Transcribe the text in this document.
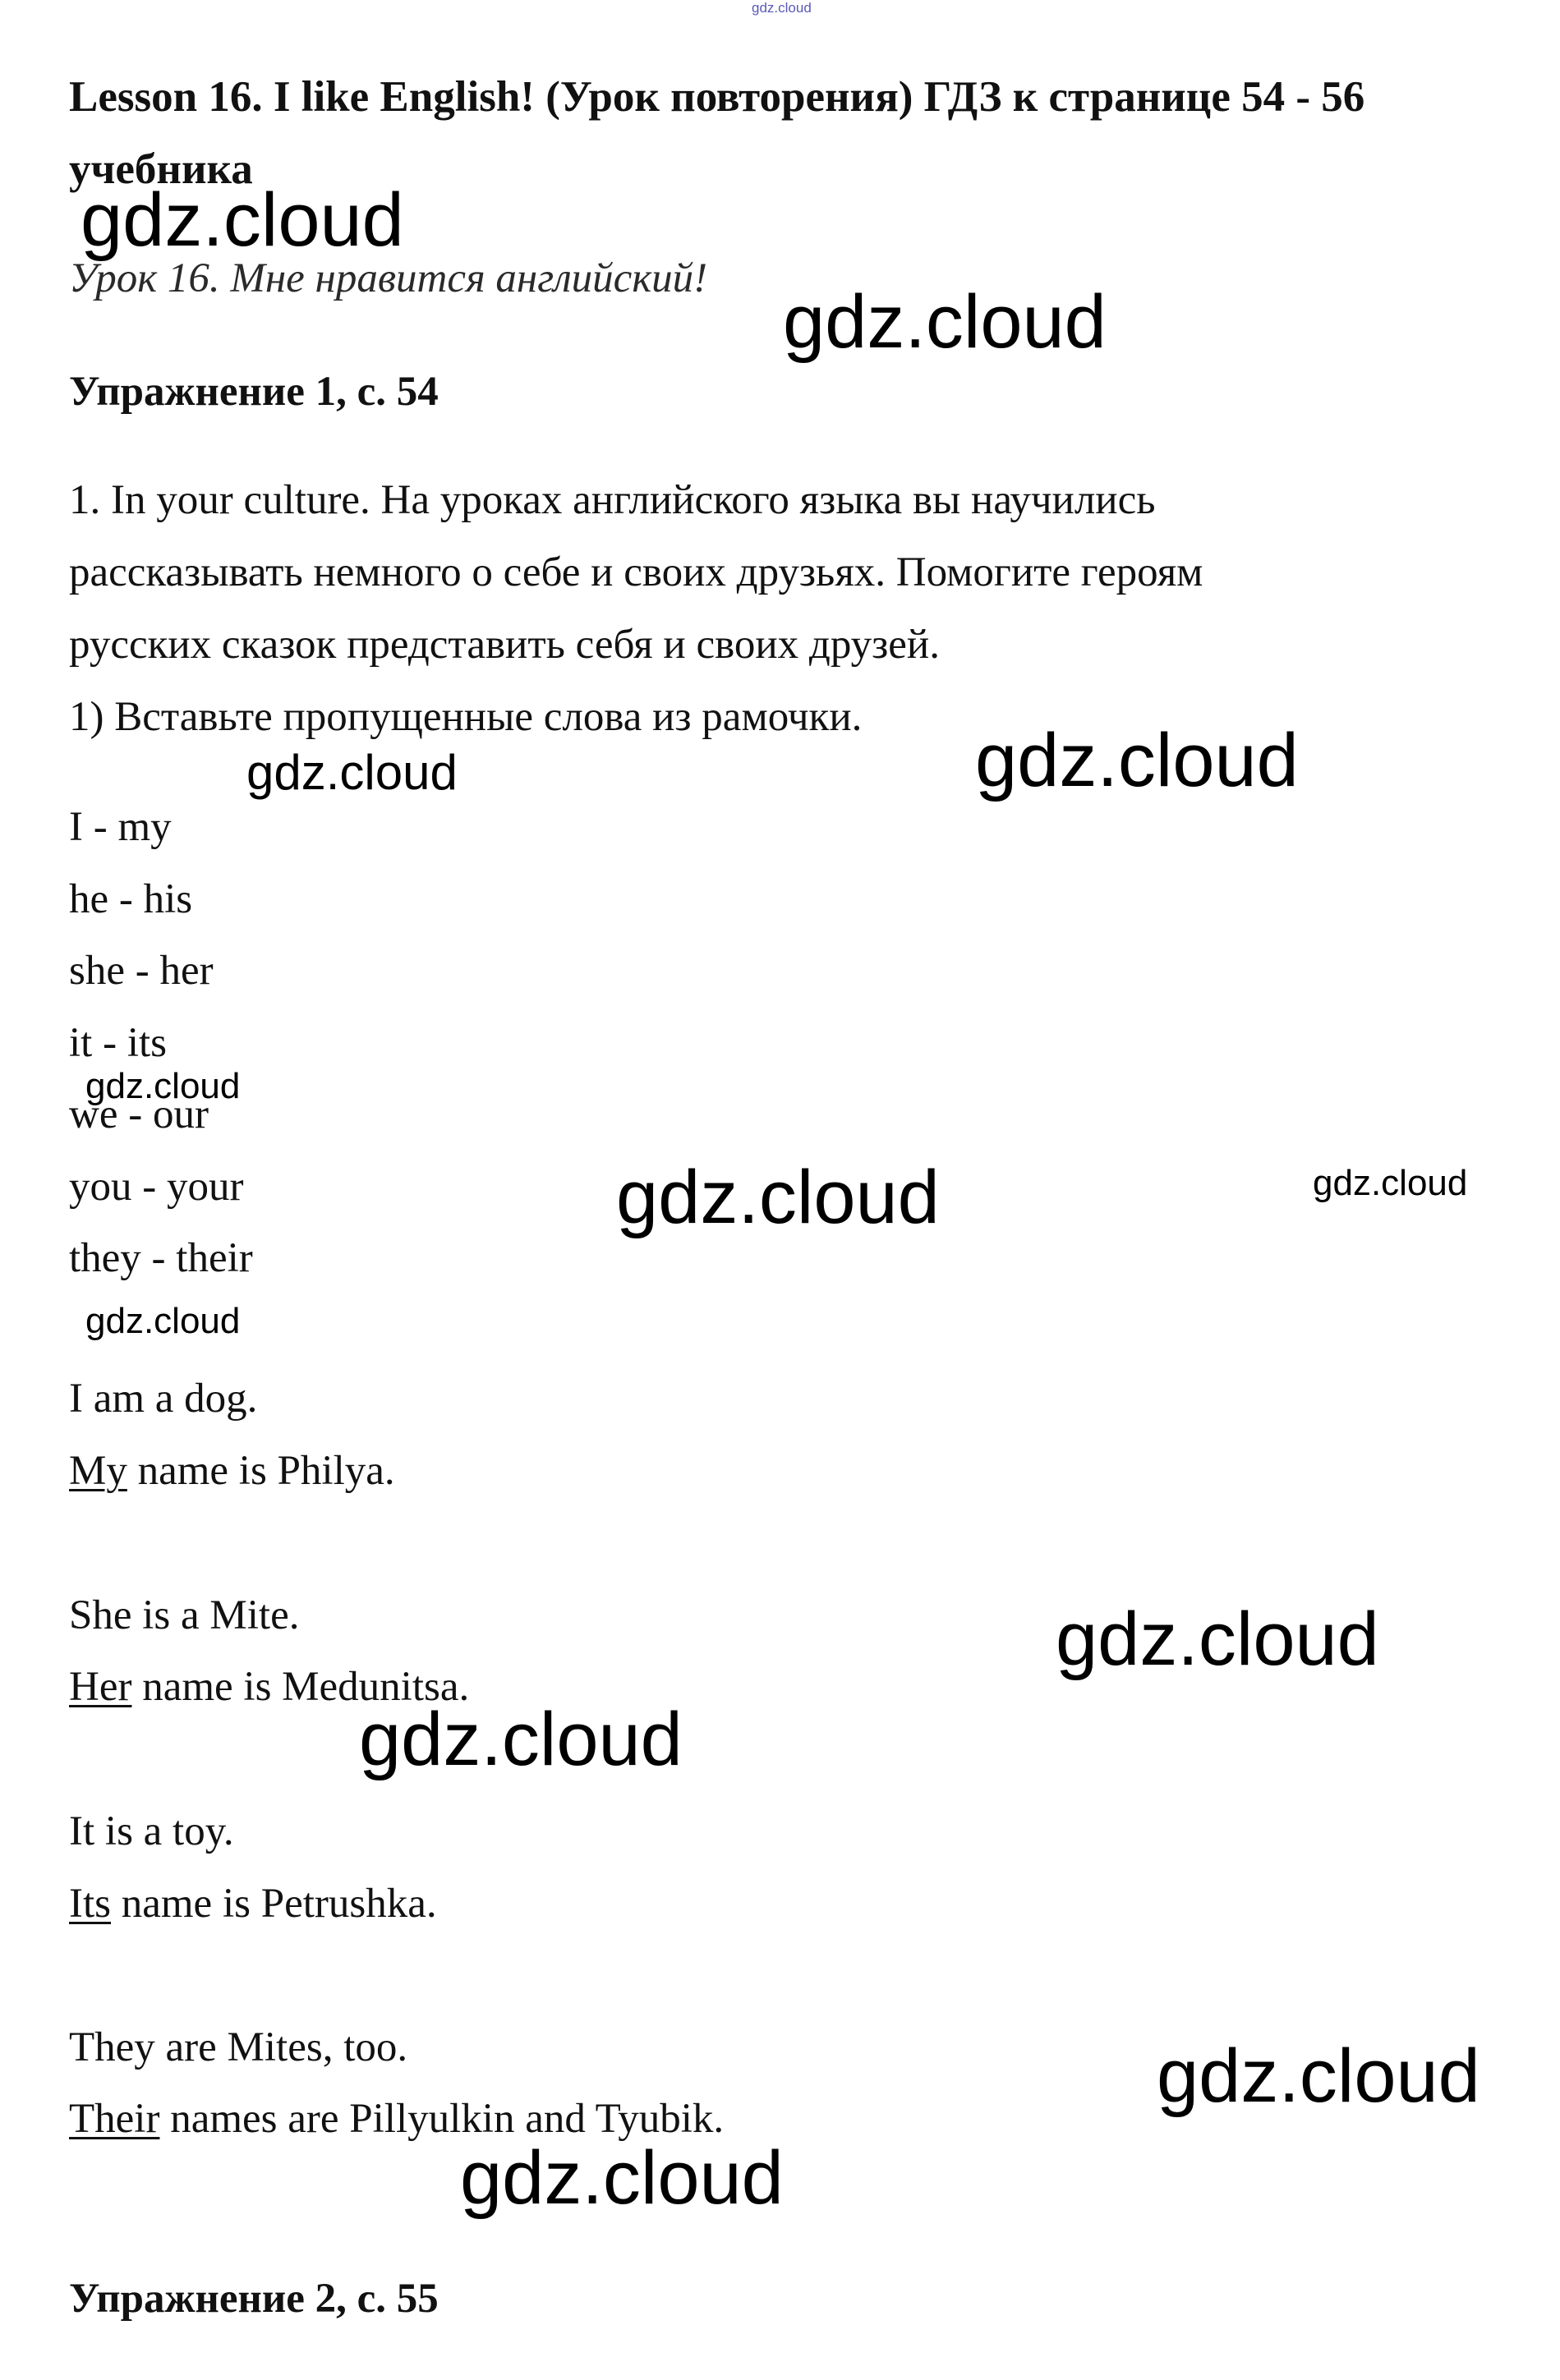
gdz.cloud
Lesson 16. I like English! (Урок повторения) ГДЗ к странице 54 - 56
учебника
Урок 16. Мне нравится английский!
Упражнение 1, с. 54
1. In your culture. На уроках английского языка вы научились
рассказывать немного о себе и своих друзьях. Помогите героям
русских сказок представить себя и своих друзей.
1) Вставьте пропущенные слова из рамочки.
I - my
he - his
she - her
it - its
we - our
you - your
they - their
I am a dog.
My name is Philya.
She is a Mite.
Her name is Medunitsa.
It is a toy.
Its name is Petrushka.
They are Mites, too.
Their names are Pillyulkin and Tyubik.
Упражнение 2, с. 55
gdz.cloud
gdz.cloud
gdz.cloud	gdz.cloud
gdz.cloud
gdz.cloud	gdz.cloud
gdz.cloud
gdz.cloud
gdz.cloud
gdz.cloud
gdz.cloud
